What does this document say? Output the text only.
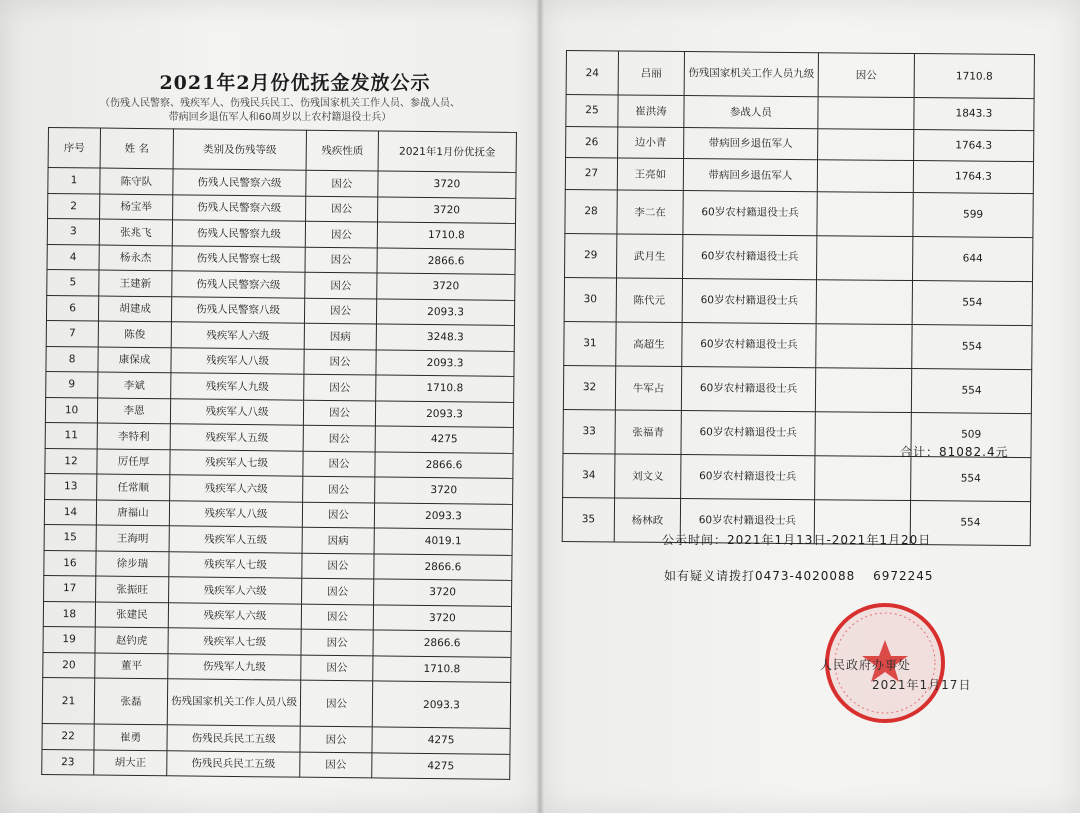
2021年2月份优抚金发放公示
（伤残人民警察、残疾军人、伤残民兵民工、伤残国家机关工作人员、参战人员、
带病回乡退伍军人和60周岁以上农村籍退役士兵）
序号	姓 名	类别及伤残等级	残疾性质	2021年1月份优抚金
1	陈守队	伤残人民警察六级	因公	3720
2	杨宝举	伤残人民警察六级	因公	3720
3	张兆飞	伤残人民警察九级	因公	1710.8
4	杨永杰	伤残人民警察七级	因公	2866.6
5	王建新	伤残人民警察六级	因公	3720
6	胡建成	伤残人民警察八级	因公	2093.3
7	陈俊	残疾军人六级	因病	3248.3
8	康保成	残疾军人八级	因公	2093.3
9	李斌	残疾军人九级	因公	1710.8
10	李恩	残疾军人八级	因公	2093.3
11	李特利	残疾军人五级	因公	4275
12	厉任厚	残疾军人七级	因公	2866.6
13	任常顺	残疾军人六级	因公	3720
14	唐福山	残疾军人八级	因公	2093.3
15	王海明	残疾军人五级	因病	4019.1
16	徐步瑞	残疾军人七级	因公	2866.6
17	张振旺	残疾军人六级	因公	3720
18	张建民	残疾军人六级	因公	3720
19	赵钓虎	残疾军人七级	因公	2866.6
20	董平	伤残军人九级	因公	1710.8
21	张磊	伤残国家机关工作人员八级	因公	2093.3
22	崔勇	伤残民兵民工五级	因公	4275
23	胡大正	伤残民兵民工五级	因公	4275
24	吕丽	伤残国家机关工作人员九级	因公	1710.8
25	崔洪涛	参战人员		1843.3
26	边小青	带病回乡退伍军人		1764.3
27	王亮如	带病回乡退伍军人		1764.3
28	李二在	60岁农村籍退役士兵		599
29	武月生	60岁农村籍退役士兵		644
30	陈代元	60岁农村籍退役士兵		554
31	高超生	60岁农村籍退役士兵		554
32	牛军占	60岁农村籍退役士兵		554
33	张福青	60岁农村籍退役士兵		509
34	刘文义	60岁农村籍退役士兵		554
35	杨林政	60岁农村籍退役士兵		554
合计：81082.4元
公示时间：2021年1月13日-2021年1月20日
如有疑义请拨打0473-4020088　 6972245
人民政府办事处
2021年1月17日
